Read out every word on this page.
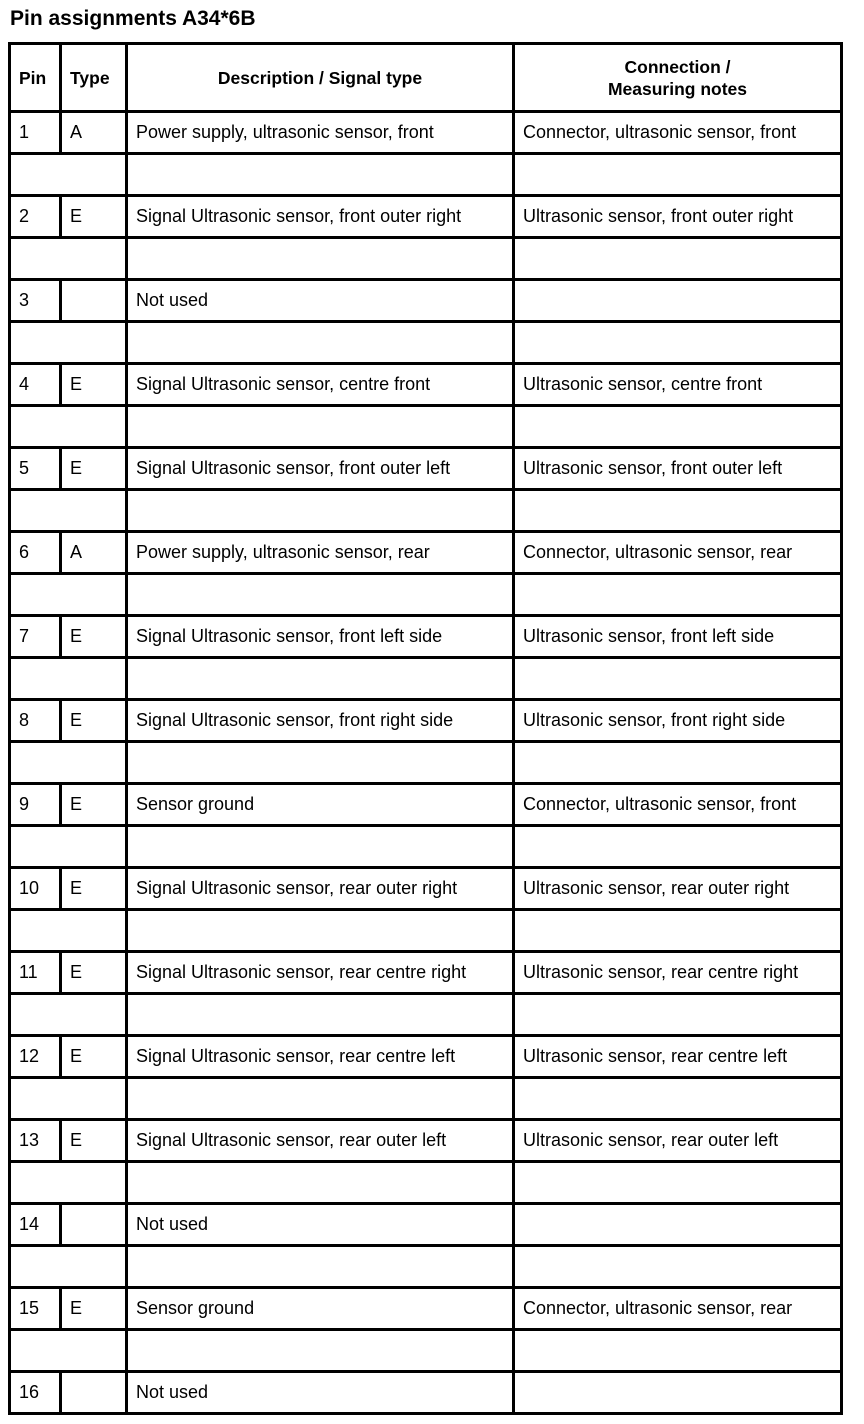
Pin assignments A34*6B
Pin	Type	Description / Signal type	Connection /
Measuring notes
1	A	Power supply, ultrasonic sensor, front	Connector, ultrasonic sensor, front

2	E	Signal Ultrasonic sensor, front outer right	Ultrasonic sensor, front outer right

3		Not used	

4	E	Signal Ultrasonic sensor, centre front	Ultrasonic sensor, centre front

5	E	Signal Ultrasonic sensor, front outer left	Ultrasonic sensor, front outer left

6	A	Power supply, ultrasonic sensor, rear	Connector, ultrasonic sensor, rear

7	E	Signal Ultrasonic sensor, front left side	Ultrasonic sensor, front left side

8	E	Signal Ultrasonic sensor, front right side	Ultrasonic sensor, front right side

9	E	Sensor ground	Connector, ultrasonic sensor, front

10	E	Signal Ultrasonic sensor, rear outer right	Ultrasonic sensor, rear outer right

11	E	Signal Ultrasonic sensor, rear centre right	Ultrasonic sensor, rear centre right

12	E	Signal Ultrasonic sensor, rear centre left	Ultrasonic sensor, rear centre left

13	E	Signal Ultrasonic sensor, rear outer left	Ultrasonic sensor, rear outer left

14		Not used	

15	E	Sensor ground	Connector, ultrasonic sensor, rear

16		Not used	
